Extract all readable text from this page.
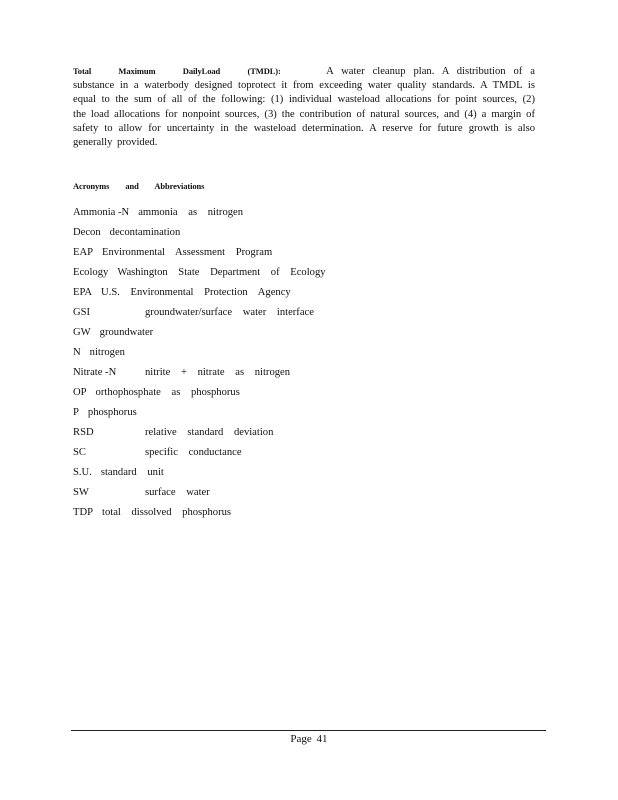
Total Maximum DailyLoad (TMDL):	A water cleanup plan. A distribution of a substance in a waterbody designed toprotect it from exceeding water quality standards. A TMDL is equal to the sum of all of the following: (1) individual wasteload allocations for point sources, (2) the load allocations for nonpoint sources, (3) the contribution of natural sources, and (4) a margin of safety to allow for uncertainty in the wasteload determination. A reserve for future growth is also generally provided.

Acronyms and Abbreviations
Ammonia -N ammonia as nitrogen
Decon decontamination
EAP Environmental Assessment Program
Ecology Washington State Department of Ecology
EPA U.S. Environmental Protection Agency
GSI	groundwater/surface water interface
GW groundwater
N nitrogen
Nitrate -N	nitrite + nitrate as nitrogen
OP orthophosphate as phosphorus
P phosphorus
RSD	relative standard deviation
SC	specific conductance
S.U. standard unit
SW	surface water
TDP total dissolved phosphorus
Page 41
